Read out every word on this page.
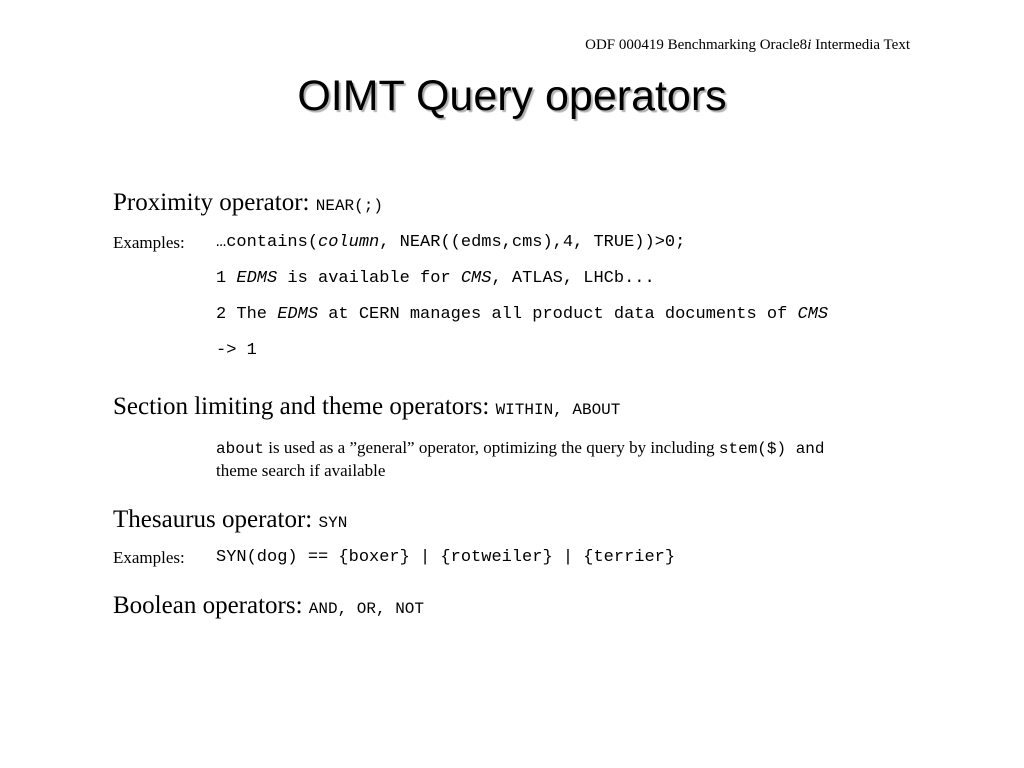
ODF 000419 Benchmarking Oracle8i Intermedia Text
OIMT Query operators
Proximity operator: NEAR(;)
Examples: …contains(column, NEAR((edms,cms),4, TRUE))>0;
1 EDMS is available for CMS, ATLAS, LHCb...
2 The EDMS at CERN manages all product data documents of CMS
-> 1
Section limiting and theme operators: WITHIN, ABOUT
about is used as a ”general” operator, optimizing the query by including stem($) and
theme search if available
Thesaurus operator: SYN
Examples: SYN(dog) == {boxer} | {rotweiler} | {terrier}
Boolean operators: AND, OR, NOT
